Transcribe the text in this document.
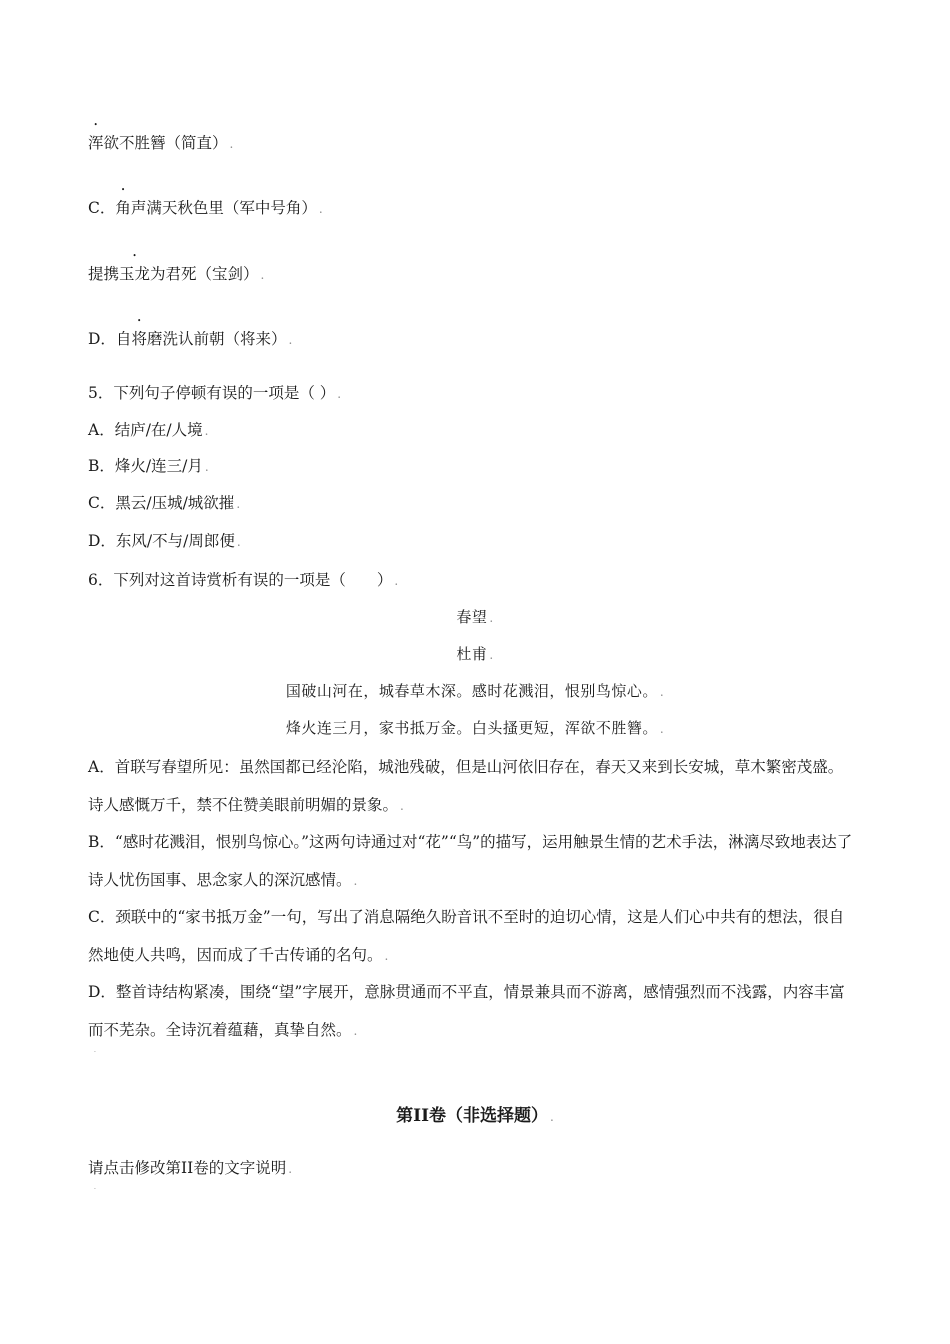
浑欲不胜簪（简直） .
C．角声满天秋色里（军中号角） .
提携玉龙为君死（宝剑） .
D．自将磨洗认前朝（将来） .
5．下列句子停顿有误的一项是（ ） .
A．结庐/在/人境 .
B．烽火/连三/月 .
C．黑云/压城/城欲摧 .
D．东风/不与/周郎便 .
6．下列对这首诗赏析有误的一项是（　　） .
春望 .
杜甫 .
国破山河在，城春草木深。感时花溅泪，恨别鸟惊心。 .
烽火连三月，家书抵万金。白头搔更短，浑欲不胜簪。 .
A．首联写春望所见：虽然国都已经沦陷，城池残破，但是山河依旧存在，春天又来到长安城，草木繁密茂盛。诗人感慨万千，禁不住赞美眼前明媚的景象。 .
B．“感时花溅泪，恨别鸟惊心。”这两句诗通过对“花”“鸟”的描写，运用触景生情的艺术手法，淋漓尽致地表达了诗人忧伤国事、思念家人的深沉感情。 .
C．颈联中的“家书抵万金”一句，写出了消息隔绝久盼音讯不至时的迫切心情，这是人们心中共有的想法，很自然地使人共鸣，因而成了千古传诵的名句。 .
D．整首诗结构紧凑，围绕“望”字展开，意脉贯通而不平直，情景兼具而不游离，感情强烈而不浅露，内容丰富而不芜杂。全诗沉着蕴藉，真挚自然。 .
·
第II卷（非选择题） .
请点击修改第II卷的文字说明 .
·
